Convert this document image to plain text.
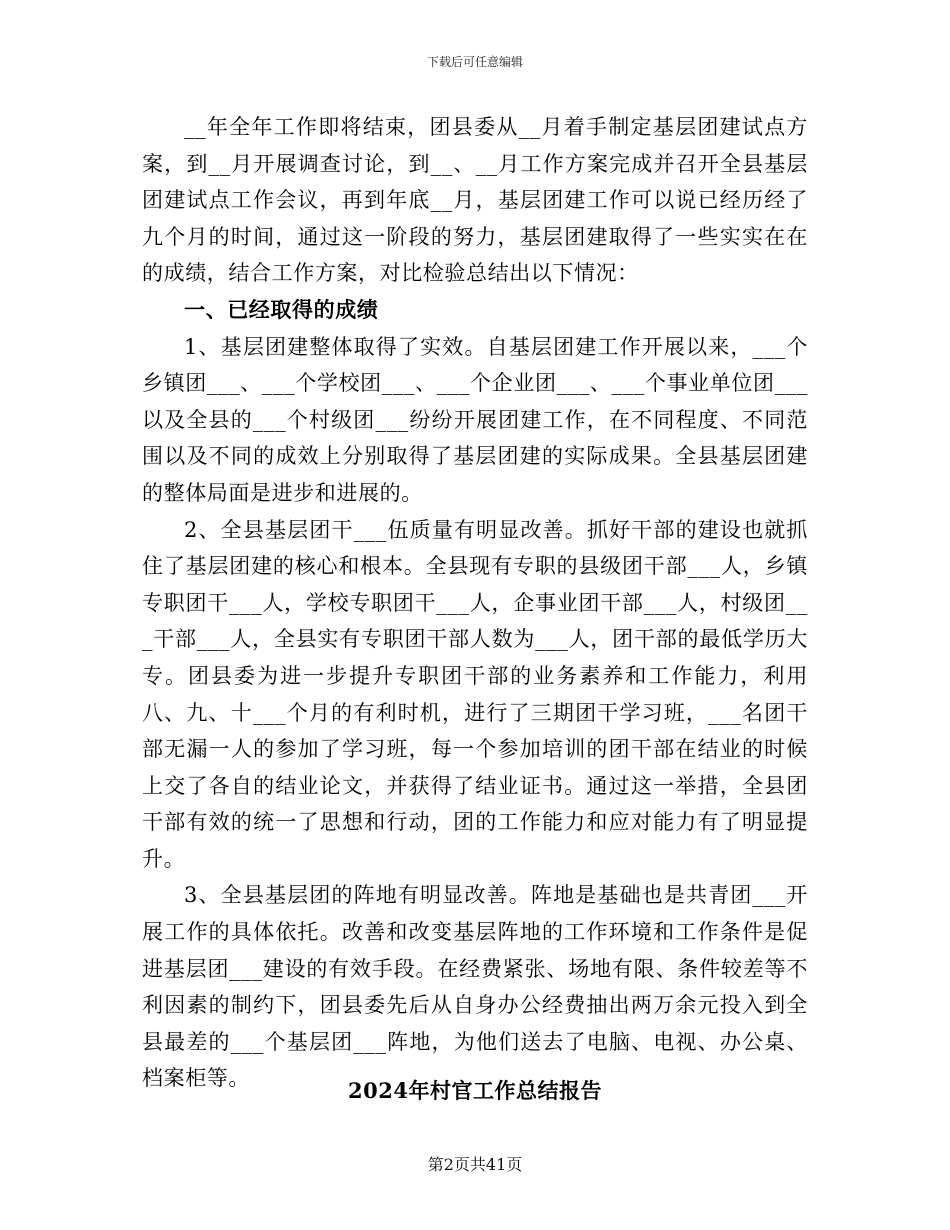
下载后可任意编辑

__年全年工作即将结束，团县委从__月着手制定基层团建试点方案，到__月开展调查讨论，到__、__月工作方案完成并召开全县基层团建试点工作会议，再到年底__月，基层团建工作可以说已经历经了九个月的时间，通过这一阶段的努力，基层团建取得了一些实实在在的成绩，结合工作方案，对比检验总结出以下情况：

一、已经取得的成绩

1、基层团建整体取得了实效。自基层团建工作开展以来，___个乡镇团___、___个学校团___、___个企业团___、___个事业单位团___以及全县的___个村级团___纷纷开展团建工作，在不同程度、不同范围以及不同的成效上分别取得了基层团建的实际成果。全县基层团建的整体局面是进步和进展的。

2、全县基层团干___伍质量有明显改善。抓好干部的建设也就抓住了基层团建的核心和根本。全县现有专职的县级团干部___人，乡镇专职团干___人，学校专职团干___人，企事业团干部___人，村级团___干部___人，全县实有专职团干部人数为___人，团干部的最低学历大专。团县委为进一步提升专职团干部的业务素养和工作能力，利用八、九、十___个月的有利时机，进行了三期团干学习班，___名团干部无漏一人的参加了学习班，每一个参加培训的团干部在结业的时候上交了各自的结业论文，并获得了结业证书。通过这一举措，全县团干部有效的统一了思想和行动，团的工作能力和应对能力有了明显提升。

3、全县基层团的阵地有明显改善。阵地是基础也是共青团___开展工作的具体依托。改善和改变基层阵地的工作环境和工作条件是促进基层团___建设的有效手段。在经费紧张、场地有限、条件较差等不利因素的制约下，团县委先后从自身办公经费抽出两万余元投入到全县最差的___个基层团___阵地，为他们送去了电脑、电视、办公桌、档案柜等。	2024年村官工作总结报告
第2页共41页
